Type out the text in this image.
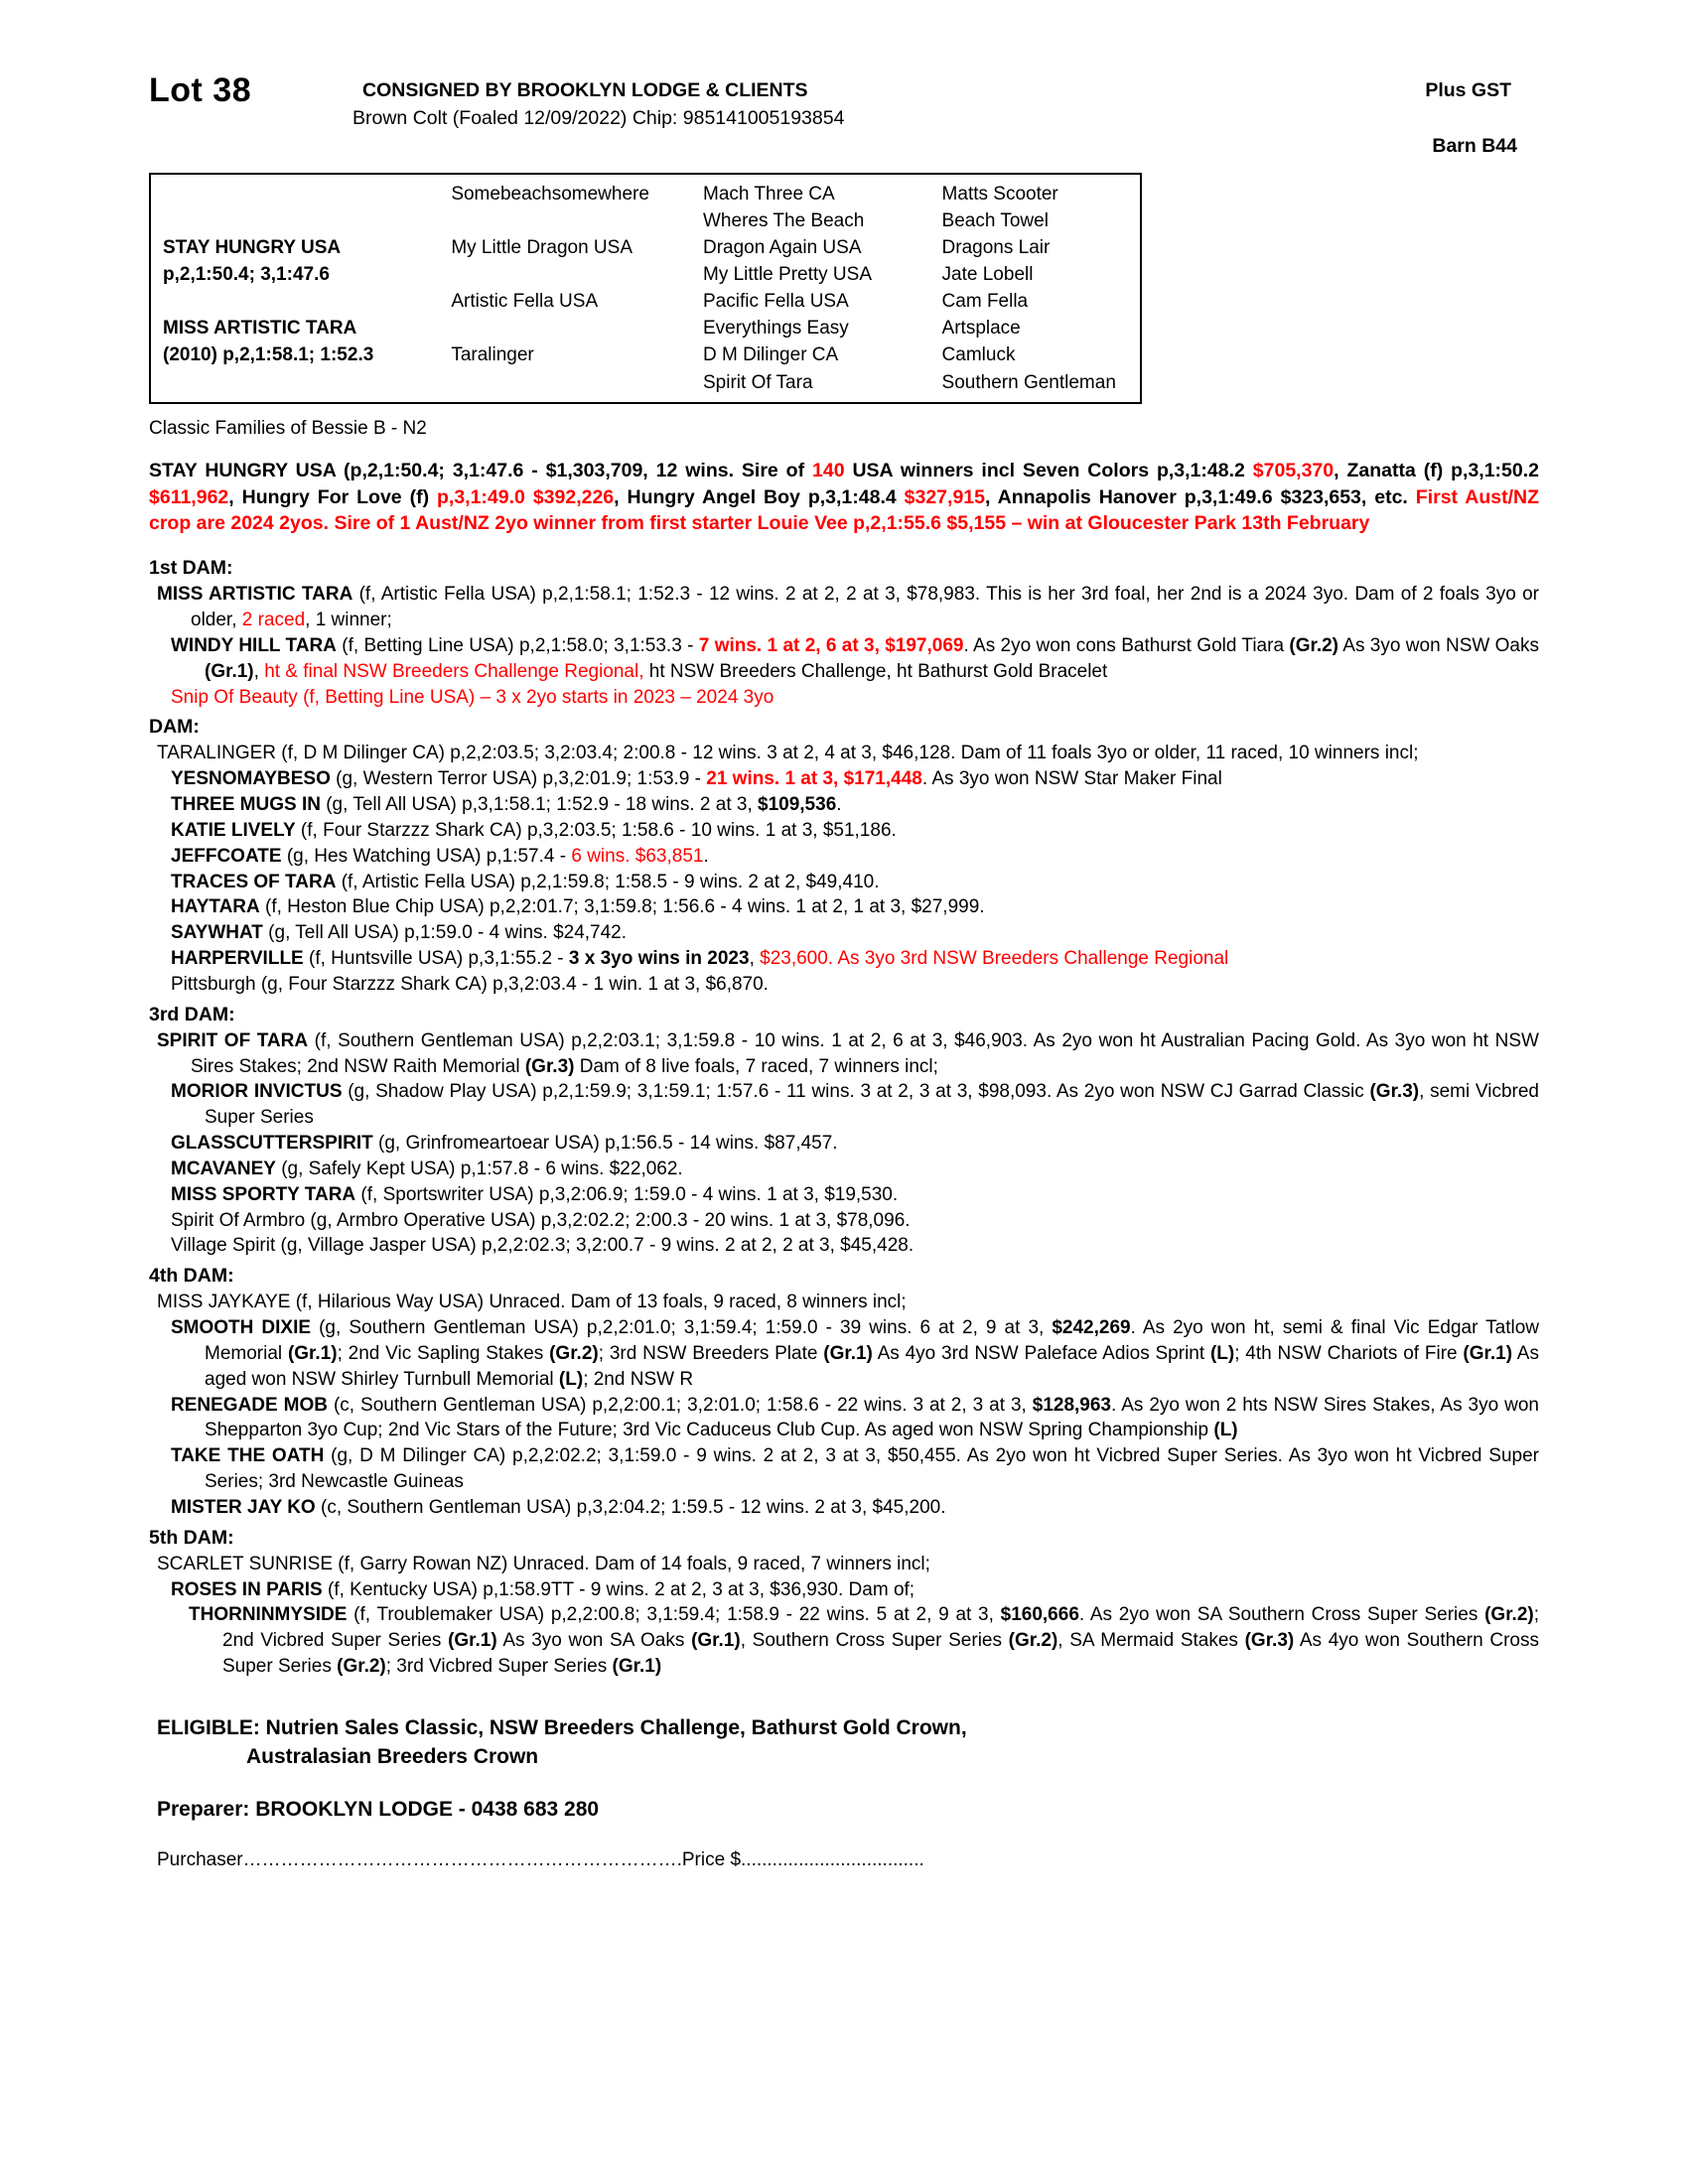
Lot 38	CONSIGNED BY BROOKLYN LODGE & CLIENTS
Brown Colt (Foaled 12/09/2022) Chip: 985141005193854
Plus GST
Barn B44
	Somebeachsomewhere	Mach Three CA	Matts Scooter
		Wheres The Beach	Beach Towel
STAY HUNGRY USA	My Little Dragon USA	Dragon Again USA	Dragons Lair
p,2,1:50.4; 3,1:47.6		My Little Pretty USA	Jate Lobell
	Artistic Fella USA	Pacific Fella USA	Cam Fella
MISS ARTISTIC TARA		Everythings Easy	Artsplace
(2010) p,2,1:58.1; 1:52.3	Taralinger	D M Dilinger CA	Camluck
		Spirit Of Tara	Southern Gentleman
Classic Families of Bessie B - N2
STAY HUNGRY USA (p,2,1:50.4; 3,1:47.6 - $1,303,709, 12 wins. Sire of 140 USA winners incl Seven Colors p,3,1:48.2 $705,370, Zanatta (f) p,3,1:50.2 $611,962, Hungry For Love (f) p,3,1:49.0 $392,226, Hungry Angel Boy p,3,1:48.4 $327,915, Annapolis Hanover p,3,1:49.6 $323,653, etc. First Aust/NZ crop are 2024 2yos. Sire of 1 Aust/NZ 2yo winner from first starter Louie Vee p,2,1:55.6 $5,155 – win at Gloucester Park 13th February
1st DAM:
MISS ARTISTIC TARA (f, Artistic Fella USA) p,2,1:58.1; 1:52.3 - 12 wins. 2 at 2, 2 at 3, $78,983. This is her 3rd foal, her 2nd is a 2024 3yo. Dam of 2 foals 3yo or older, 2 raced, 1 winner;
WINDY HILL TARA (f, Betting Line USA) p,2,1:58.0; 3,1:53.3 - 7 wins. 1 at 2, 6 at 3, $197,069. As 2yo won cons Bathurst Gold Tiara (Gr.2) As 3yo won NSW Oaks (Gr.1), ht & final NSW Breeders Challenge Regional, ht NSW Breeders Challenge, ht Bathurst Gold Bracelet
Snip Of Beauty (f, Betting Line USA) – 3 x 2yo starts in 2023 – 2024 3yo
DAM:
TARALINGER (f, D M Dilinger CA) p,2,2:03.5; 3,2:03.4; 2:00.8 - 12 wins. 3 at 2, 4 at 3, $46,128. Dam of 11 foals 3yo or older, 11 raced, 10 winners incl;
YESNOMAYBESO (g, Western Terror USA) p,3,2:01.9; 1:53.9 - 21 wins. 1 at 3, $171,448. As 3yo won NSW Star Maker Final
THREE MUGS IN (g, Tell All USA) p,3,1:58.1; 1:52.9 - 18 wins. 2 at 3, $109,536.
KATIE LIVELY (f, Four Starzzz Shark CA) p,3,2:03.5; 1:58.6 - 10 wins. 1 at 3, $51,186.
JEFFCOATE (g, Hes Watching USA) p,1:57.4 - 6 wins. $63,851.
TRACES OF TARA (f, Artistic Fella USA) p,2,1:59.8; 1:58.5 - 9 wins. 2 at 2, $49,410.
HAYTARA (f, Heston Blue Chip USA) p,2,2:01.7; 3,1:59.8; 1:56.6 - 4 wins. 1 at 2, 1 at 3, $27,999.
SAYWHAT (g, Tell All USA) p,1:59.0 - 4 wins. $24,742.
HARPERVILLE (f, Huntsville USA) p,3,1:55.2 - 3 x 3yo wins in 2023, $23,600. As 3yo 3rd NSW Breeders Challenge Regional
Pittsburgh (g, Four Starzzz Shark CA) p,3,2:03.4 - 1 win. 1 at 3, $6,870.
3rd DAM:
SPIRIT OF TARA (f, Southern Gentleman USA) p,2,2:03.1; 3,1:59.8 - 10 wins. 1 at 2, 6 at 3, $46,903. As 2yo won ht Australian Pacing Gold. As 3yo won ht NSW Sires Stakes; 2nd NSW Raith Memorial (Gr.3) Dam of 8 live foals, 7 raced, 7 winners incl;
MORIOR INVICTUS (g, Shadow Play USA) p,2,1:59.9; 3,1:59.1; 1:57.6 - 11 wins. 3 at 2, 3 at 3, $98,093. As 2yo won NSW CJ Garrad Classic (Gr.3), semi Vicbred Super Series
GLASSCUTTERSPIRIT (g, Grinfromeartoear USA) p,1:56.5 - 14 wins. $87,457.
MCAVANEY (g, Safely Kept USA) p,1:57.8 - 6 wins. $22,062.
MISS SPORTY TARA (f, Sportswriter USA) p,3,2:06.9; 1:59.0 - 4 wins. 1 at 3, $19,530.
Spirit Of Armbro (g, Armbro Operative USA) p,3,2:02.2; 2:00.3 - 20 wins. 1 at 3, $78,096.
Village Spirit (g, Village Jasper USA) p,2,2:02.3; 3,2:00.7 - 9 wins. 2 at 2, 2 at 3, $45,428.
4th DAM:
MISS JAYKAYE (f, Hilarious Way USA) Unraced. Dam of 13 foals, 9 raced, 8 winners incl;
SMOOTH DIXIE (g, Southern Gentleman USA) p,2,2:01.0; 3,1:59.4; 1:59.0 - 39 wins. 6 at 2, 9 at 3, $242,269. As 2yo won ht, semi & final Vic Edgar Tatlow Memorial (Gr.1); 2nd Vic Sapling Stakes (Gr.2); 3rd NSW Breeders Plate (Gr.1) As 4yo 3rd NSW Paleface Adios Sprint (L); 4th NSW Chariots of Fire (Gr.1) As aged won NSW Shirley Turnbull Memorial (L); 2nd NSW R
RENEGADE MOB (c, Southern Gentleman USA) p,2,2:00.1; 3,2:01.0; 1:58.6 - 22 wins. 3 at 2, 3 at 3, $128,963. As 2yo won 2 hts NSW Sires Stakes, As 3yo won Shepparton 3yo Cup; 2nd Vic Stars of the Future; 3rd Vic Caduceus Club Cup. As aged won NSW Spring Championship (L)
TAKE THE OATH (g, D M Dilinger CA) p,2,2:02.2; 3,1:59.0 - 9 wins. 2 at 2, 3 at 3, $50,455. As 2yo won ht Vicbred Super Series. As 3yo won ht Vicbred Super Series; 3rd Newcastle Guineas
MISTER JAY KO (c, Southern Gentleman USA) p,3,2:04.2; 1:59.5 - 12 wins. 2 at 3, $45,200.
5th DAM:
SCARLET SUNRISE (f, Garry Rowan NZ) Unraced. Dam of 14 foals, 9 raced, 7 winners incl;
ROSES IN PARIS (f, Kentucky USA) p,1:58.9TT - 9 wins. 2 at 2, 3 at 3, $36,930. Dam of;
THORNINMYSIDE (f, Troublemaker USA) p,2,2:00.8; 3,1:59.4; 1:58.9 - 22 wins. 5 at 2, 9 at 3, $160,666. As 2yo won SA Southern Cross Super Series (Gr.2); 2nd Vicbred Super Series (Gr.1) As 3yo won SA Oaks (Gr.1), Southern Cross Super Series (Gr.2), SA Mermaid Stakes (Gr.3) As 4yo won Southern Cross Super Series (Gr.2); 3rd Vicbred Super Series (Gr.1)
ELIGIBLE: Nutrien Sales Classic, NSW Breeders Challenge, Bathurst Gold Crown,
Australasian Breeders Crown
Preparer: BROOKLYN LODGE - 0438 683 280
Purchaser…………………………………………………………….Price $...................................
